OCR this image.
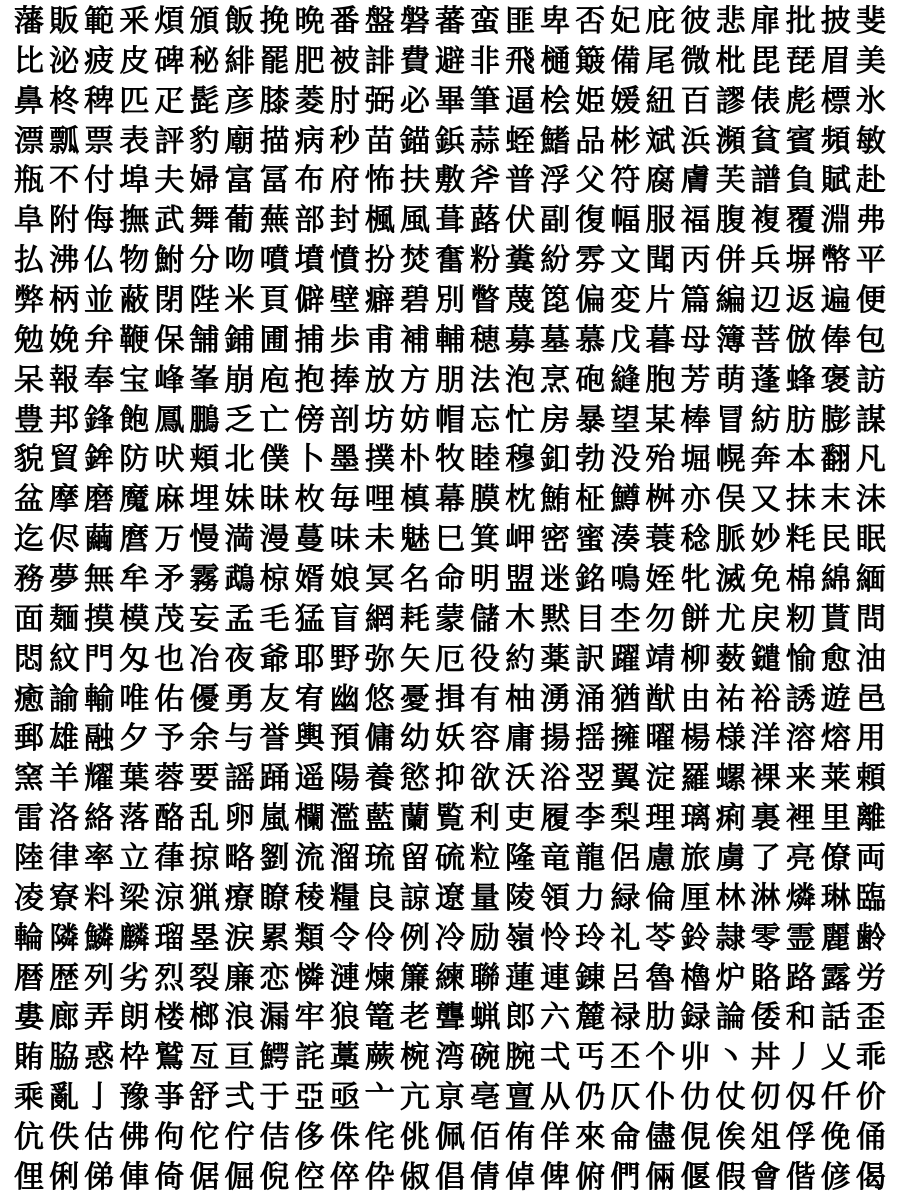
藩 販 範 釆 煩 頒 飯 挽 晩 番 盤 磐 蕃 蛮 匪 卑 否 妃 庇 彼 悲 扉 批 披 斐
比 泌 疲 皮 碑 秘 緋 罷 肥 被 誹 費 避 非 飛 樋 簸 備 尾 微 枇 毘 琵 眉 美
鼻 柊 稗 匹 疋 髭 彦 膝 菱 肘 弼 必 畢 筆 逼 桧 姫 媛 紐 百 謬 俵 彪 標 氷
漂 瓢 票 表 評 豹 廟 描 病 秒 苗 錨 鋲 蒜 蛭 鰭 品 彬 斌 浜 瀕 貧 賓 頻 敏
瓶 不 付 埠 夫 婦 富 冨 布 府 怖 扶 敷 斧 普 浮 父 符 腐 膚 芙 譜 負 賦 赴
阜 附 侮 撫 武 舞 葡 蕪 部 封 楓 風 葺 蕗 伏 副 復 幅 服 福 腹 複 覆 淵 弗
払 沸 仏 物 鮒 分 吻 噴 墳 憤 扮 焚 奮 粉 糞 紛 雰 文 聞 丙 併 兵 塀 幣 平
弊 柄 並 蔽 閉 陛 米 頁 僻 壁 癖 碧 別 瞥 蔑 箆 偏 変 片 篇 編 辺 返 遍 便
勉 娩 弁 鞭 保 舗 鋪 圃 捕 歩 甫 補 輔 穂 募 墓 慕 戊 暮 母 簿 菩 倣 俸 包
呆 報 奉 宝 峰 峯 崩 庖 抱 捧 放 方 朋 法 泡 烹 砲 縫 胞 芳 萌 蓬 蜂 褒 訪
豊 邦 鋒 飽 鳳 鵬 乏 亡 傍 剖 坊 妨 帽 忘 忙 房 暴 望 某 棒 冒 紡 肪 膨 謀
貌 貿 鉾 防 吠 頬 北 僕 卜 墨 撲 朴 牧 睦 穆 釦 勃 没 殆 堀 幌 奔 本 翻 凡
盆 摩 磨 魔 麻 埋 妹 昧 枚 毎 哩 槙 幕 膜 枕 鮪 柾 鱒 桝 亦 俣 又 抹 末 沫
迄 侭 繭 麿 万 慢 満 漫 蔓 味 未 魅 巳 箕 岬 密 蜜 湊 蓑 稔 脈 妙 粍 民 眠
務 夢 無 牟 矛 霧 鵡 椋 婿 娘 冥 名 命 明 盟 迷 銘 鳴 姪 牝 滅 免 棉 綿 緬
面 麺 摸 模 茂 妄 孟 毛 猛 盲 網 耗 蒙 儲 木 黙 目 杢 勿 餅 尤 戻 籾 貰 問
悶 紋 門 匁 也 冶 夜 爺 耶 野 弥 矢 厄 役 約 薬 訳 躍 靖 柳 薮 鑓 愉 愈 油
癒 諭 輸 唯 佑 優 勇 友 宥 幽 悠 憂 揖 有 柚 湧 涌 猶 猷 由 祐 裕 誘 遊 邑
郵 雄 融 夕 予 余 与 誉 輿 預 傭 幼 妖 容 庸 揚 揺 擁 曜 楊 様 洋 溶 熔 用
窯 羊 耀 葉 蓉 要 謡 踊 遥 陽 養 慾 抑 欲 沃 浴 翌 翼 淀 羅 螺 裸 来 莱 頼
雷 洛 絡 落 酪 乱 卵 嵐 欄 濫 藍 蘭 覧 利 吏 履 李 梨 理 璃 痢 裏 裡 里 離
陸 律 率 立 葎 掠 略 劉 流 溜 琉 留 硫 粒 隆 竜 龍 侶 慮 旅 虜 了 亮 僚 両
凌 寮 料 梁 涼 猟 療 瞭 稜 糧 良 諒 遼 量 陵 領 力 緑 倫 厘 林 淋 燐 琳 臨
輪 隣 鱗 麟 瑠 塁 涙 累 類 令 伶 例 冷 励 嶺 怜 玲 礼 苓 鈴 隷 零 霊 麗 齢
暦 歴 列 劣 烈 裂 廉 恋 憐 漣 煉 簾 練 聯 蓮 連 錬 呂 魯 櫓 炉 賂 路 露 労
婁 廊 弄 朗 楼 榔 浪 漏 牢 狼 篭 老 聾 蝋 郎 六 麓 禄 肋 録 論 倭 和 話 歪
賄 脇 惑 枠 鷲 亙 亘 鰐 詫 藁 蕨 椀 湾 碗 腕 弌 丐 丕 个 丱 丶 丼 丿 乂 乖
乘 亂 亅 豫 亊 舒 弍 于 亞 亟 亠 亢 亰 亳 亶 从 仍 仄 仆 仂 仗 仞 仭 仟 价
伉 佚 估 佛 佝 佗 佇 佶 侈 侏 侘 佻 佩 佰 侑 佯 來 侖 儘 俔 俟 俎 俘 俛 俑
俚 俐 俤 俥 倚 倨 倔 倪 倥 倅 伜 俶 倡 倩 倬 俾 俯 們 倆 偃 假 會 偕 偐 偈
